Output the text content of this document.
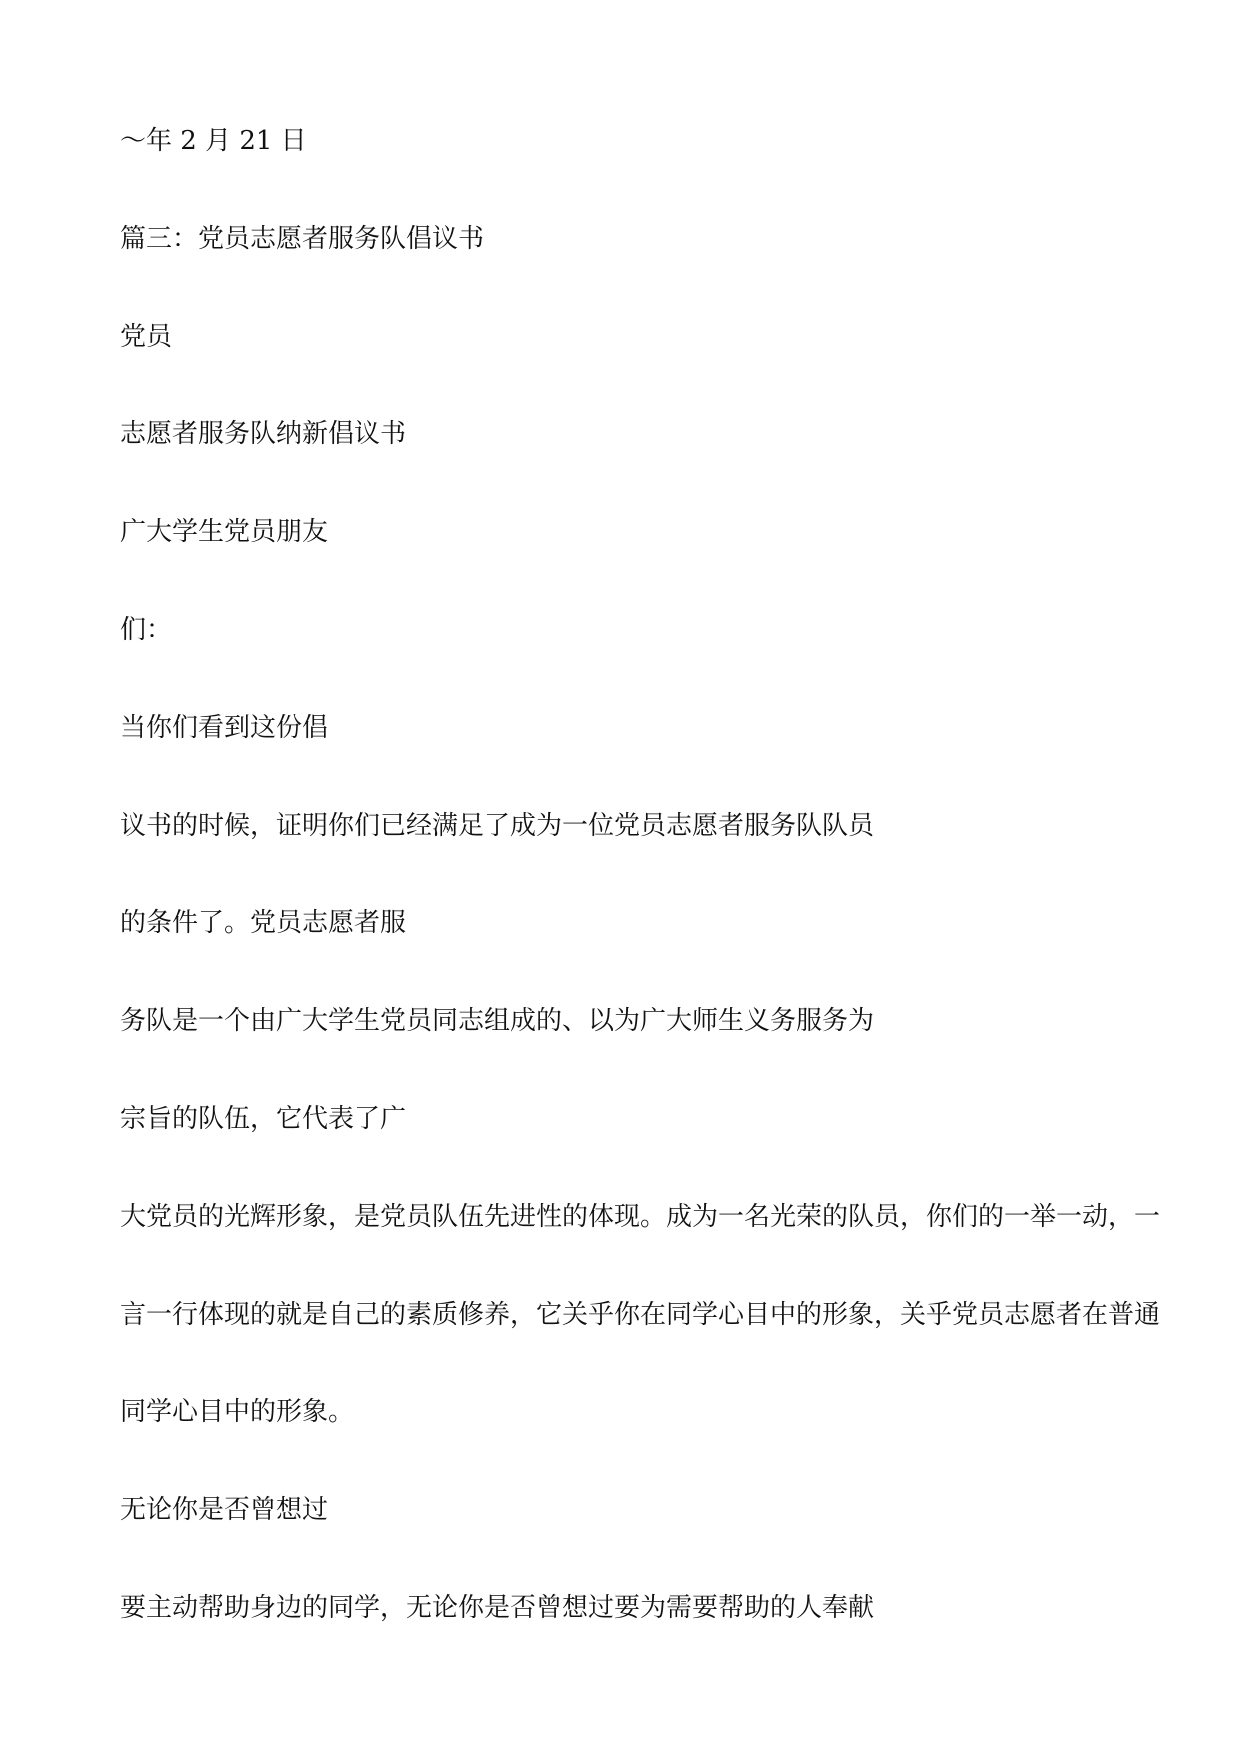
～年 2 月 21 日

篇三：党员志愿者服务队倡议书

党员

志愿者服务队纳新倡议书

广大学生党员朋友

们：

当你们看到这份倡

议书的时候，证明你们已经满足了成为一位党员志愿者服务队队员

的条件了。党员志愿者服

务队是一个由广大学生党员同志组成的、以为广大师生义务服务为

宗旨的队伍，它代表了广

大党员的光辉形象，是党员队伍先进性的体现。成为一名光荣的队员，你们的一举一动，一

言一行体现的就是自己的素质修养，它关乎你在同学心目中的形象，关乎党员志愿者在普通

同学心目中的形象。

无论你是否曾想过

要主动帮助身边的同学，无论你是否曾想过要为需要帮助的人奉献
